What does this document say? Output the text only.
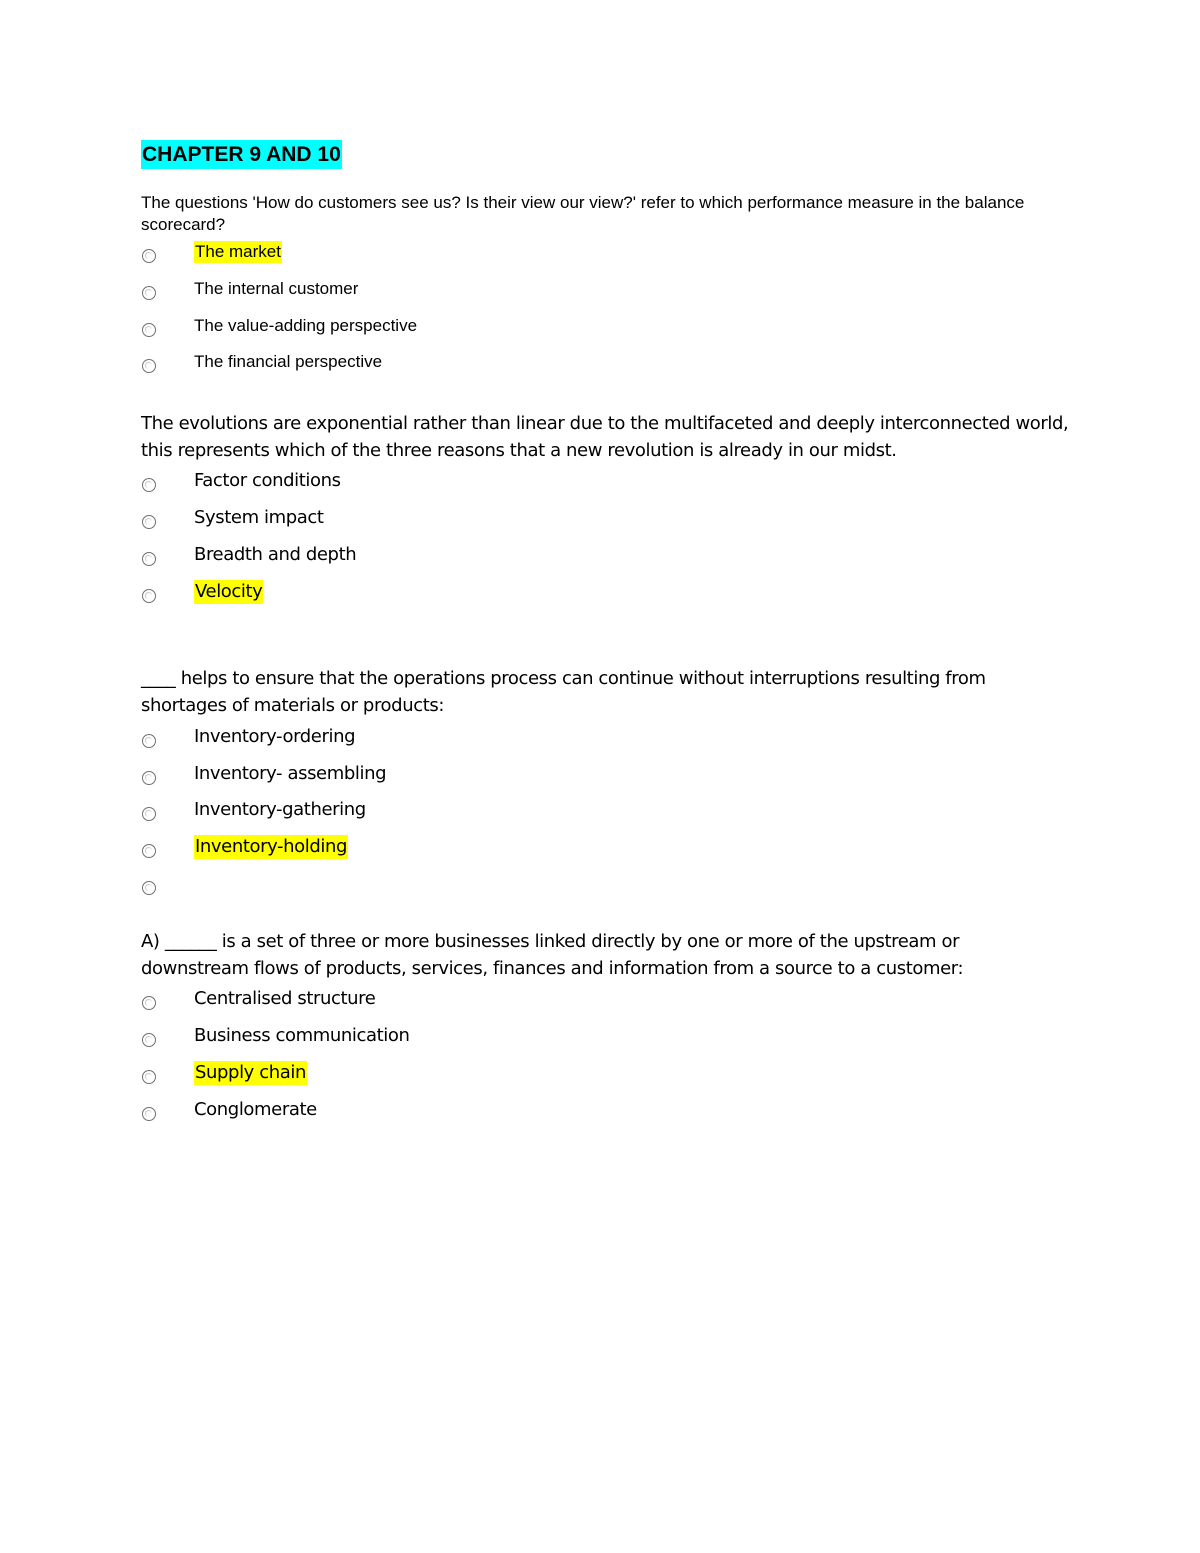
CHAPTER 9 AND 10

The questions 'How do customers see us? Is their view our view?' refer to which performance measure in the balance scorecard?

The market
The internal customer
The value-adding perspective
The financial perspective

The evolutions are exponential rather than linear due to the multifaceted and deeply interconnected world, this represents which of the three reasons that a new revolution is already in our midst.

Factor conditions
System impact
Breadth and depth
Velocity

____ helps to ensure that the operations process can continue without interruptions resulting from shortages of materials or products:

Inventory-ordering
Inventory- assembling
Inventory-gathering
Inventory-holding

A) ______ is a set of three or more businesses linked directly by one or more of the upstream or downstream flows of products, services, finances and information from a source to a customer:

Centralised structure
Business communication
Supply chain
Conglomerate
